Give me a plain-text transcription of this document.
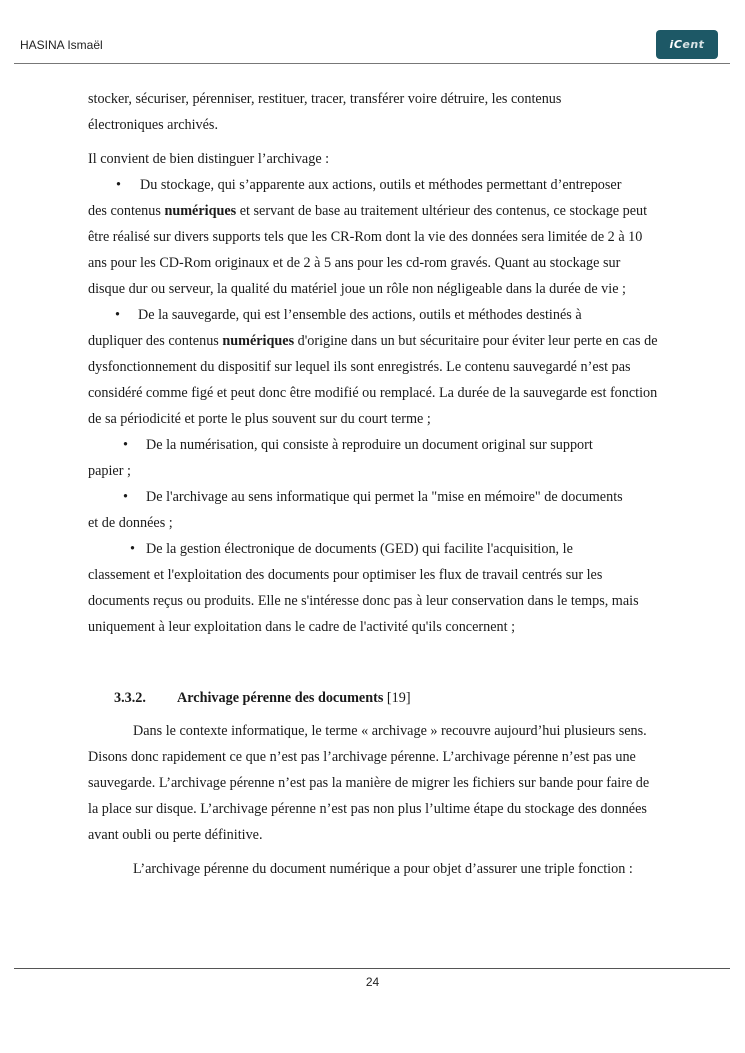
HASINA Ismaël	iCent

stocker, sécuriser, pérenniser, restituer, tracer, transférer voire détruire, les contenus

électroniques archivés.

Il convient de bien distinguer l’archivage :

• Du stockage, qui s’apparente aux actions, outils et méthodes permettant d’entreposer
des contenus numériques et servant de base au traitement ultérieur des contenus, ce stockage peut être réalisé sur divers supports tels que les CR-Rom dont la vie des données sera limitée de 2 à 10 ans pour les CD-Rom originaux et de 2 à 5 ans pour les cd-rom gravés. Quant au stockage sur disque dur ou serveur, la qualité du matériel joue un rôle non négligeable dans la durée de vie ;

• De la sauvegarde, qui est l’ensemble des actions, outils et méthodes destinés à
dupliquer des contenus numériques d'origine dans un but sécuritaire pour éviter leur perte en cas de dysfonctionnement du dispositif sur lequel ils sont enregistrés. Le contenu sauvegardé n’est pas considéré comme figé et peut donc être modifié ou remplacé. La durée de la sauvegarde est fonction de sa périodicité et porte le plus souvent sur du court terme ;

• De la numérisation, qui consiste à reproduire un document original sur support
papier ;

• De l'archivage au sens informatique qui permet la "mise en mémoire" de documents
et de données ;

• De la gestion électronique de documents (GED) qui facilite l'acquisition, le
classement et l'exploitation des documents pour optimiser les flux de travail centrés sur les documents reçus ou produits. Elle ne s'intéresse donc pas à leur conservation dans le temps, mais uniquement à leur exploitation dans le cadre de l'activité qu'ils concernent ;

3.3.2. Archivage pérenne des documents [19]

Dans le contexte informatique, le terme « archivage » recouvre aujourd’hui plusieurs sens. Disons donc rapidement ce que n’est pas l’archivage pérenne. L’archivage pérenne n’est pas une sauvegarde. L’archivage pérenne n’est pas la manière de migrer les fichiers sur bande pour faire de la place sur disque. L’archivage pérenne n’est pas non plus l’ultime étape du stockage des données avant oubli ou perte définitive.

L’archivage pérenne du document numérique a pour objet d’assurer une triple fonction :

24
